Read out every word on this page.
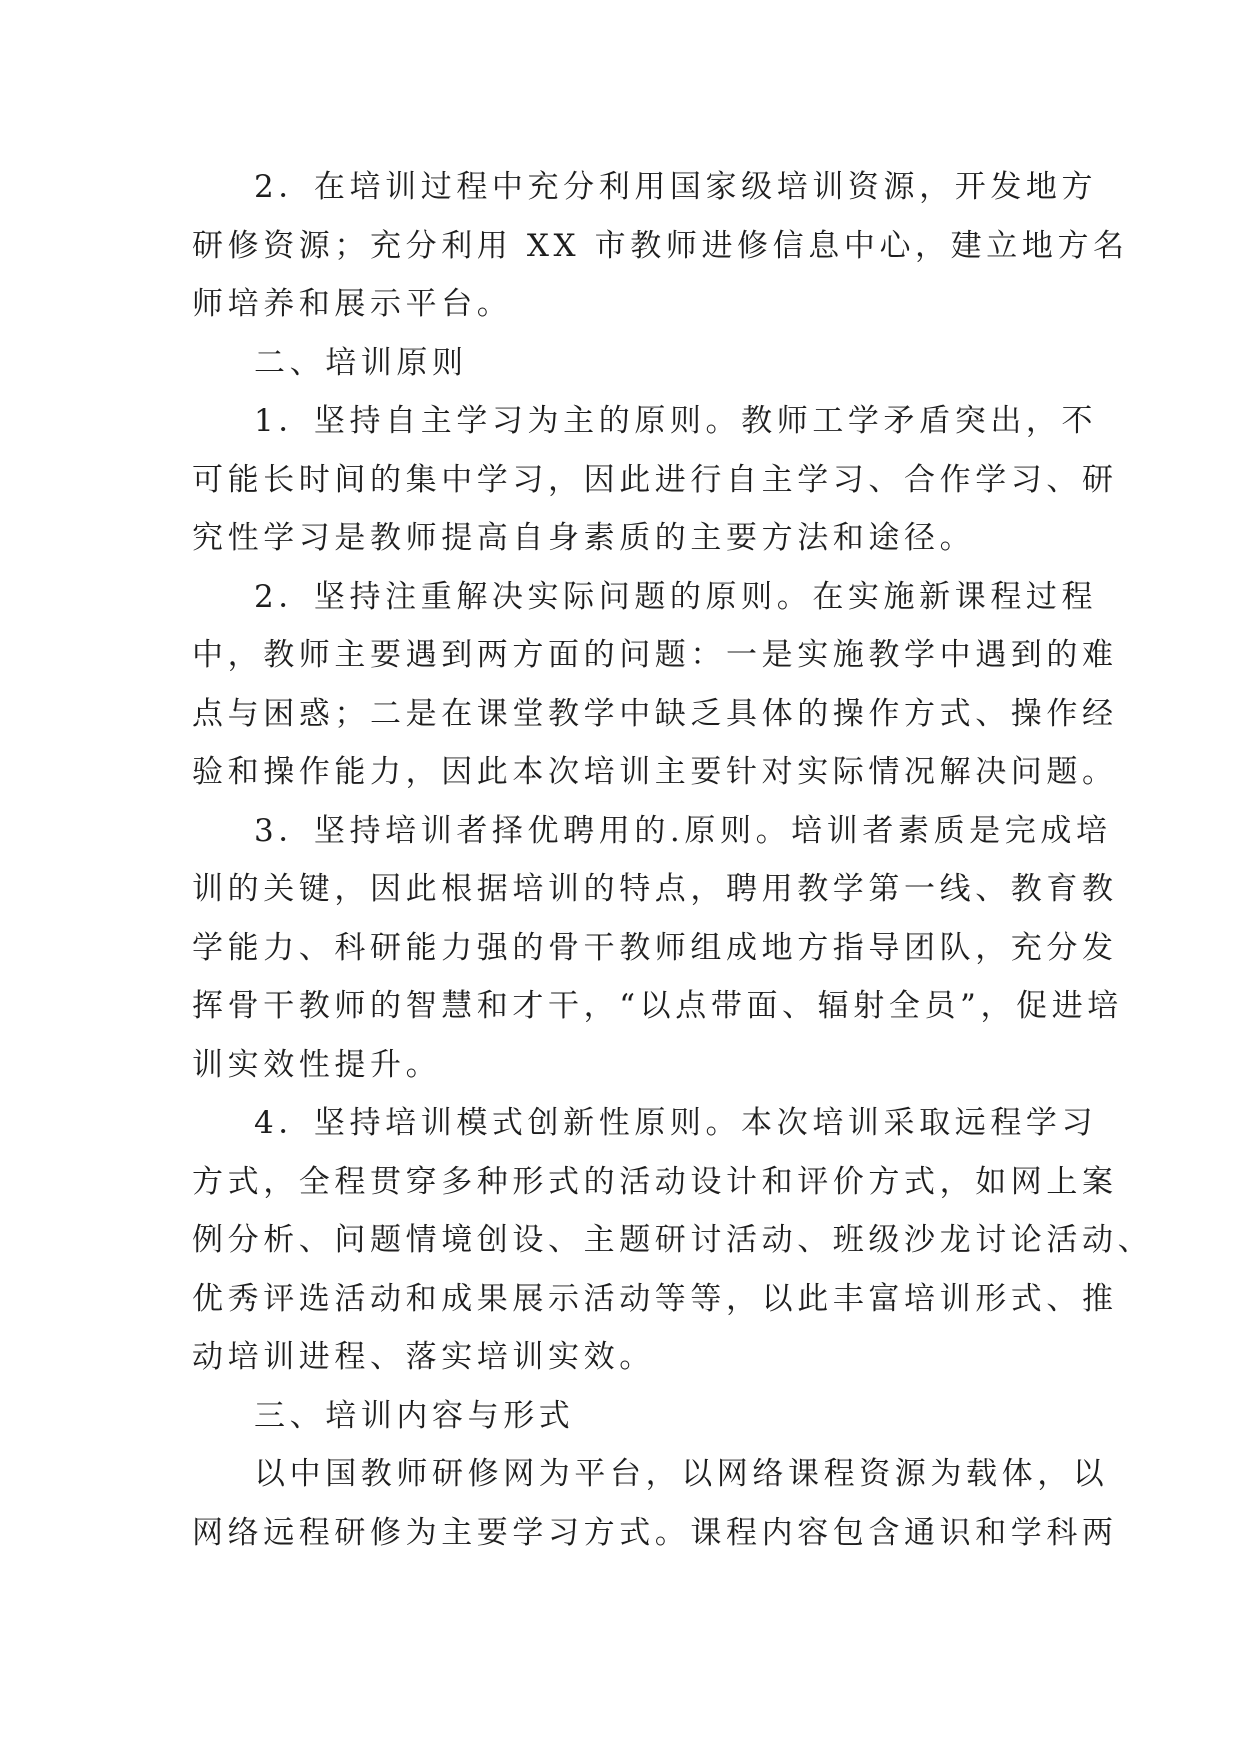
2．在培训过程中充分利用国家级培训资源，开发地方
研修资源；充分利用 XX 市教师进修信息中心，建立地方名
师培养和展示平台。
二、培训原则
1．坚持自主学习为主的原则。教师工学矛盾突出，不
可能长时间的集中学习，因此进行自主学习、合作学习、研
究性学习是教师提高自身素质的主要方法和途径。
2．坚持注重解决实际问题的原则。在实施新课程过程
中，教师主要遇到两方面的问题：一是实施教学中遇到的难
点与困惑；二是在课堂教学中缺乏具体的操作方式、操作经
验和操作能力，因此本次培训主要针对实际情况解决问题。
3．坚持培训者择优聘用的.原则。培训者素质是完成培
训的关键，因此根据培训的特点，聘用教学第一线、教育教
学能力、科研能力强的骨干教师组成地方指导团队，充分发
挥骨干教师的智慧和才干，“以点带面、辐射全员”，促进培
训实效性提升。
4．坚持培训模式创新性原则。本次培训采取远程学习
方式，全程贯穿多种形式的活动设计和评价方式，如网上案
例分析、问题情境创设、主题研讨活动、班级沙龙讨论活动、
优秀评选活动和成果展示活动等等，以此丰富培训形式、推
动培训进程、落实培训实效。
三、培训内容与形式
以中国教师研修网为平台，以网络课程资源为载体，以
网络远程研修为主要学习方式。课程内容包含通识和学科两
